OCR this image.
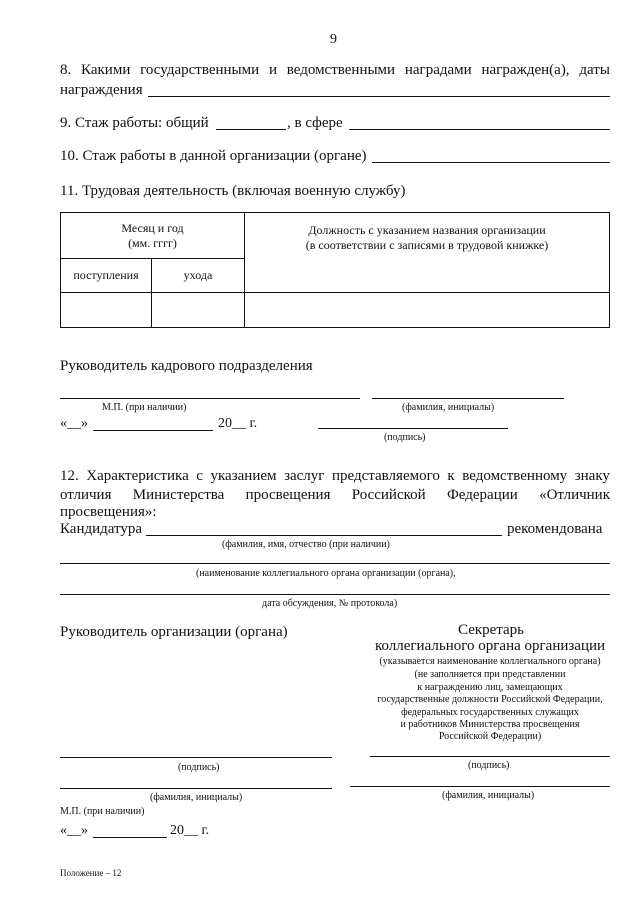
9
8. Какими государственными и ведомственными наградами награжден(а), даты
награждения
9. Стаж работы: общий	, в сфере
10. Стаж работы в данной организации (органе)
11. Трудовая деятельность (включая военную службу)
Месяц и год
(мм. гггг)		Должность с указанием названия организации
(в соответствии с записями в трудовой книжке)
поступления	ухода	

Руководитель кадрового подразделения
М.П. (при наличии)	(фамилия, инициалы)
«__»	20__ г.
(подпись)
12. Характеристика с указанием заслуг представляемого к ведомственному знаку
отличия Министерства просвещения Российской Федерации «Отличник
просвещения»:
Кандидатура	рекомендована
(фамилия, имя, отчество (при наличии)
(наименование коллегиального органа организации (органа),
дата обсуждения, № протокола)
Руководитель организации (органа)	Секретарь
коллегиального органа организации
(указывается наименование коллегиального органа)
(не заполняется при представлении
к награждению лиц, замещающих
государственные должности Российской Федерации,
федеральных государственных служащих
и работников Министерства просвещения
Российской Федерации)
(подпись)	(подпись)
(фамилия, инициалы)	(фамилия, инициалы)
М.П. (при наличии)
«__»	20__ г.
Положение – 12
